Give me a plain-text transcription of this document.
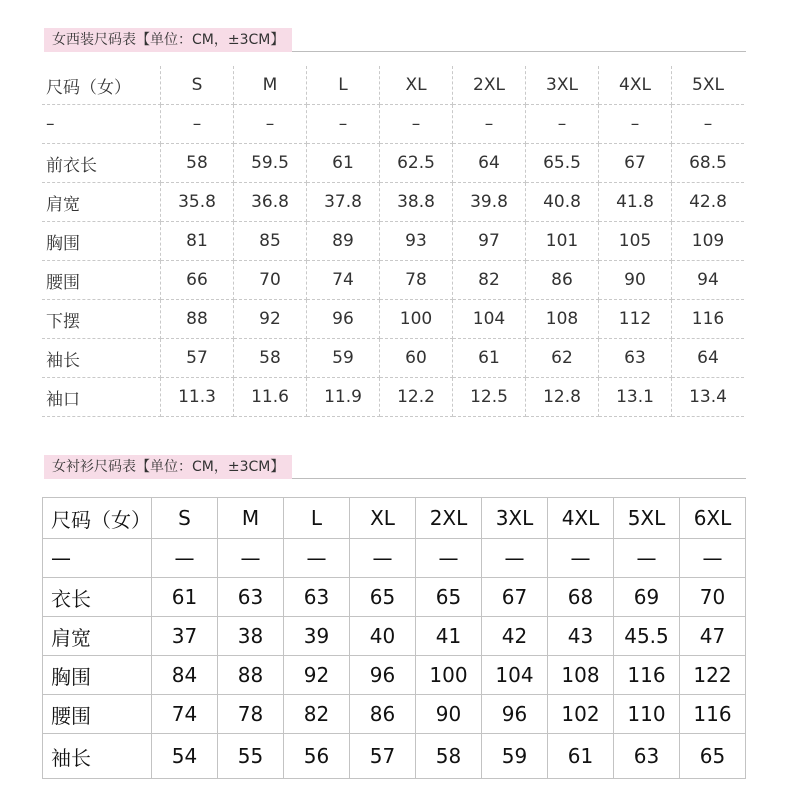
女西装尺码表【单位：CM，±3CM】
尺码（女）	S	M	L	XL	2XL	3XL	4XL	5XL
–	–	–	–	–	–	–	–	–
前衣长	58	59.5	61	62.5	64	65.5	67	68.5
肩宽	35.8	36.8	37.8	38.8	39.8	40.8	41.8	42.8
胸围	81	85	89	93	97	101	105	109
腰围	66	70	74	78	82	86	90	94
下摆	88	92	96	100	104	108	112	116
袖长	57	58	59	60	61	62	63	64
袖口	11.3	11.6	11.9	12.2	12.5	12.8	13.1	13.4
女衬衫尺码表【单位：CM，±3CM】
尺码（女）	S	M	L	XL	2XL	3XL	4XL	5XL	6XL
—	—	—	—	—	—	—	—	—	—
衣长	61	63	63	65	65	67	68	69	70
肩宽	37	38	39	40	41	42	43	45.5	47
胸围	84	88	92	96	100	104	108	116	122
腰围	74	78	82	86	90	96	102	110	116
袖长	54	55	56	57	58	59	61	63	65
